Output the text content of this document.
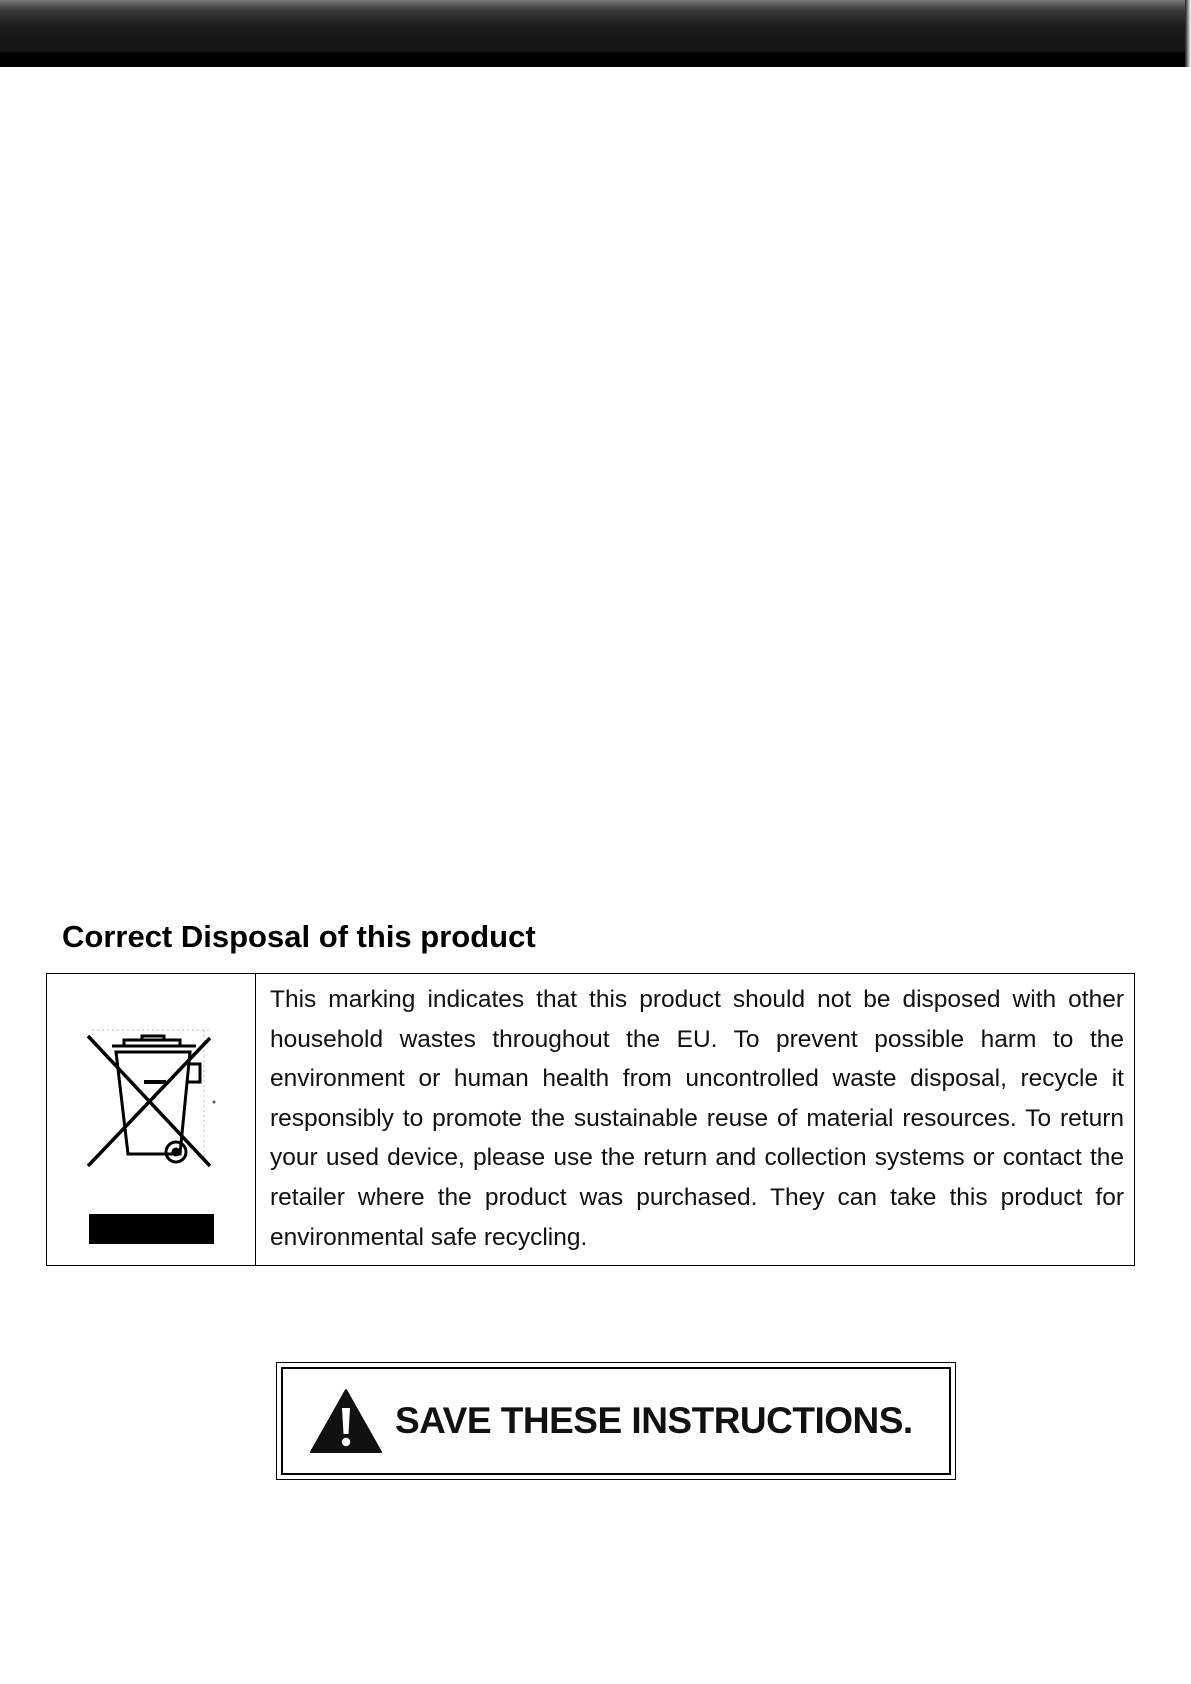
Correct Disposal of this product

This marking indicates that this product should not be disposed with other household wastes throughout the EU. To prevent possible harm to the environment or human health from uncontrolled waste disposal, recycle it responsibly to promote the sustainable reuse of material resources. To return your used device, please use the return and collection systems or contact the retailer where the product was purchased. They can take this product for environmental safe recycling.

SAVE THESE INSTRUCTIONS.
